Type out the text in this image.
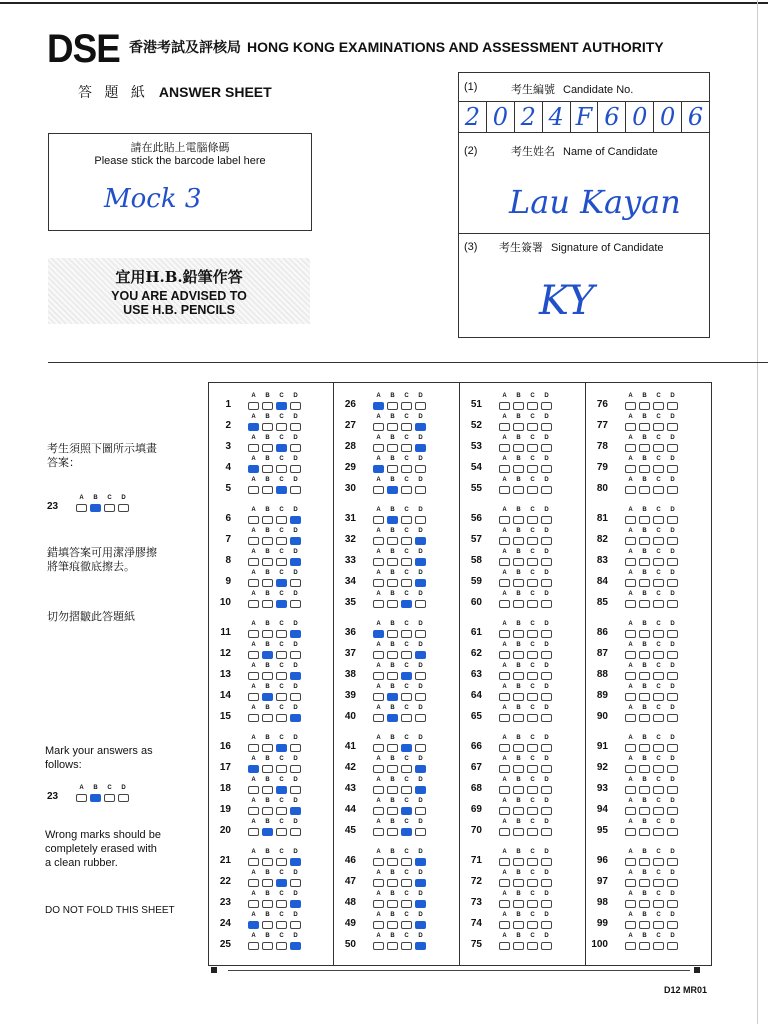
DSE 香港考試及評核局 HONG KONG EXAMINATIONS AND ASSESSMENT AUTHORITY
答 題 紙 ANSWER SHEET
請在此貼上電腦條碼
Please stick the barcode label here
Mock 3
宜用H.B.鉛筆作答
YOU ARE ADVISED TO
USE H.B. PENCILS
(1)	考生編號 Candidate No.
2 0 2 4 F 6 0 0 6
(2)	考生姓名 Name of Candidate
Lau Kayan
(3) 考生簽署 Signature of Candidate
KY
考生須照下圖所示填畫
答案：
23
A	B	C	D
錯填答案可用潔淨膠擦
將筆痕徹底擦去。
切勿摺皺此答題紙
Mark your answers as
follows:
23
A	B	C	D
Wrong marks should be
completely erased with
a clean rubber.
DO NOT FOLD THIS SHEET
1
A	B	C	D
2
A	B	C	D
3
A	B	C	D
4
A	B	C	D
5
A	B	C	D
6
A	B	C	D
7
A	B	C	D
8
A	B	C	D
9
A	B	C	D
10
A	B	C	D
11
A	B	C	D
12
A	B	C	D
13
A	B	C	D
14
A	B	C	D
15
A	B	C	D
16
A	B	C	D
17
A	B	C	D
18
A	B	C	D
19
A	B	C	D
20
A	B	C	D
21
A	B	C	D
22
A	B	C	D
23
A	B	C	D
24
A	B	C	D
25
A	B	C	D
26
A	B	C	D
27
A	B	C	D
28
A	B	C	D
29
A	B	C	D
30
A	B	C	D
31
A	B	C	D
32
A	B	C	D
33
A	B	C	D
34
A	B	C	D
35
A	B	C	D
36
A	B	C	D
37
A	B	C	D
38
A	B	C	D
39
A	B	C	D
40
A	B	C	D
41
A	B	C	D
42
A	B	C	D
43
A	B	C	D
44
A	B	C	D
45
A	B	C	D
46
A	B	C	D
47
A	B	C	D
48
A	B	C	D
49
A	B	C	D
50
A	B	C	D
51
A	B	C	D
52
A	B	C	D
53
A	B	C	D
54
A	B	C	D
55
A	B	C	D
56
A	B	C	D
57
A	B	C	D
58
A	B	C	D
59
A	B	C	D
60
A	B	C	D
61
A	B	C	D
62
A	B	C	D
63
A	B	C	D
64
A	B	C	D
65
A	B	C	D
66
A	B	C	D
67
A	B	C	D
68
A	B	C	D
69
A	B	C	D
70
A	B	C	D
71
A	B	C	D
72
A	B	C	D
73
A	B	C	D
74
A	B	C	D
75
A	B	C	D
76
A	B	C	D
77
A	B	C	D
78
A	B	C	D
79
A	B	C	D
80
A	B	C	D
81
A	B	C	D
82
A	B	C	D
83
A	B	C	D
84
A	B	C	D
85
A	B	C	D
86
A	B	C	D
87
A	B	C	D
88
A	B	C	D
89
A	B	C	D
90
A	B	C	D
91
A	B	C	D
92
A	B	C	D
93
A	B	C	D
94
A	B	C	D
95
A	B	C	D
96
A	B	C	D
97
A	B	C	D
98
A	B	C	D
99
A	B	C	D
100
A	B	C	D
D12 MR01
